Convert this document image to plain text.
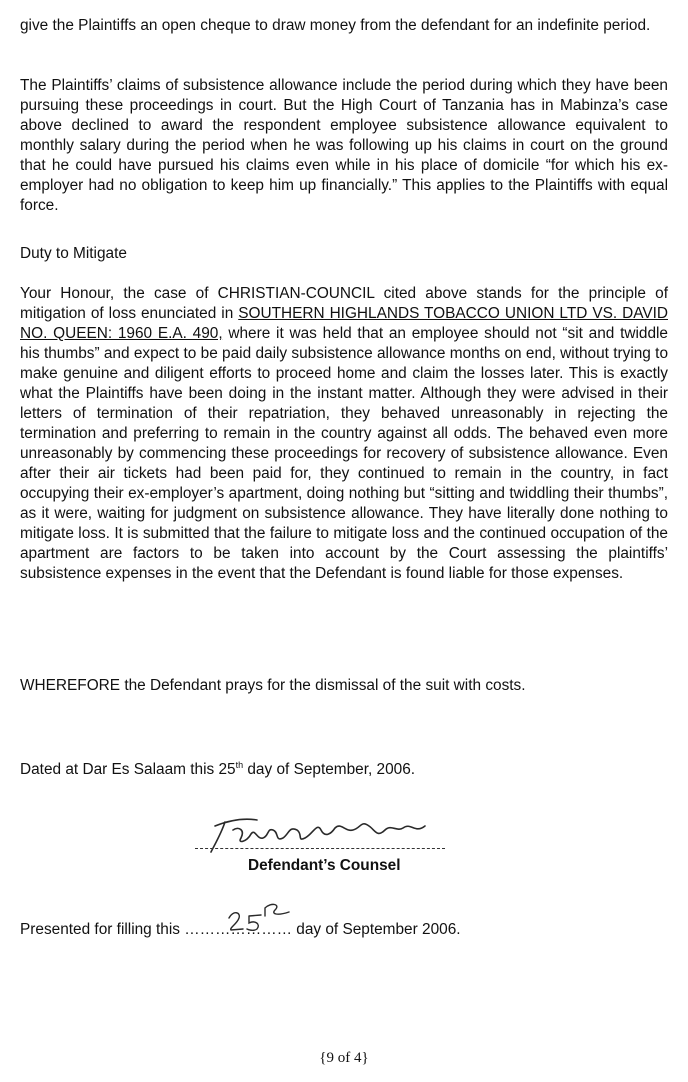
give the Plaintiffs an open cheque to draw money from the defendant for an indefinite period.

The Plaintiffs’ claims of subsistence allowance include the period during which they have been pursuing these proceedings in court. But the High Court of Tanzania has in Mabinza’s case above declined to award the respondent employee subsistence allowance equivalent to monthly salary during the period when he was following up his claims in court on the ground that he could have pursued his claims even while in his place of domicile “for which his ex-employer had no obligation to keep him up financially.” This applies to the Plaintiffs with equal force.

Duty to Mitigate

Your Honour, the case of CHRISTIAN-COUNCIL cited above stands for the principle of mitigation of loss enunciated in SOUTHERN HIGHLANDS TOBACCO UNION LTD VS. DAVID NO. QUEEN: 1960 E.A. 490, where it was held that an employee should not “sit and twiddle his thumbs” and expect to be paid daily subsistence allowance months on end, without trying to make genuine and diligent efforts to proceed home and claim the losses later. This is exactly what the Plaintiffs have been doing in the instant matter. Although they were advised in their letters of termination of their repatriation, they behaved unreasonably in rejecting the termination and preferring to remain in the country against all odds. The behaved even more unreasonably by commencing these proceedings for recovery of subsistence allowance. Even after their air tickets had been paid for, they continued to remain in the country, in fact occupying their ex-employer’s apartment, doing nothing but “sitting and twiddling their thumbs”, as it were, waiting for judgment on subsistence allowance. They have literally done nothing to mitigate loss. It is submitted that the failure to mitigate loss and the continued occupation of the apartment are factors to be taken into account by the Court assessing the plaintiffs’ subsistence expenses in the event that the Defendant is found liable for those expenses.

WHEREFORE the Defendant prays for the dismissal of the suit with costs.

Dated at Dar Es Salaam this 25th day of September, 2006.

Defendant’s Counsel

Presented for filling this ………………… day of September 2006.

{9 of 4}
